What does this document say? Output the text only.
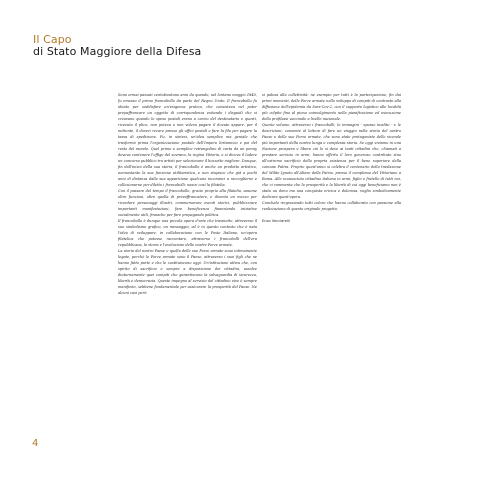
Il Capo
di Stato Maggiore della Difesa

Sono ormai passati centottantuno anni da quando, nel lontano maggio 1840, fu emesso il primo francobollo da parte del Regno Unito. Il francobollo fu ideato per soddisfare un'esigenza pratica, che consisteva nel poter prepaffrancare un oggetto di corrispondenza evitando i disguidi che si creavano quando le spese postali erano a carico del destinatario e questi, ricevuto il plico, non poteva o non voleva pagare il dovuto appare, per il mittente, il doveri recare presso gli uffici postali e fare la fila per pagare la tassa di spedizione. Fu, in sintesi, un'idea semplice ma geniale che trasformò prima l'organizzazione postale dell'Impero britannico e poi del resto del mondo. Quel primo e semplice rettangolino di carta da un penny doveva contenere l'effige del sovrano, la regina Vittoria, e si diceva il ludere un concorso pubblico tra artisti per selezionare il bozzetto migliore. Dunque, fin dall'inizio della sua storia, il francobollo è anche un prodotto artistico, nonnostante la sua funzione utilitaristica, e non stupisce che già a pochi anni di distanza dalla sua apparizione qualcuno incominci a raccoglierne e collezionarne per diletto i francobolli: nasce così la filatelia.

Con il passare del tempo il francobollo, grazie proprio alla filatelia, assume oltre funzioni, oltre quella di prevaffrancatore, e diventa un mezzo per ricordare personaggi illustri, commemorare eventi storici, pubblicizzare importanti manifestazioni, fare beneficenza finanziando iniziative socialmente utili, finanche per fare propaganda politica.

Il francobollo è dunque una piccola opera d'arte che trasmette, attraverso il suo simbolismo grafico, un messaggio, ed è in questo contesto che è nata l'idea di sviluppare, in collaborazione con le Poste Italiane, un'opera filatelica che potesse raccontare, attraverso i francobolli dell'era repubblicana, la storia e l'evoluzione delle nostre Forze armate.

La storia del nostro Paese e quella delle sue Forze armate sono intimamente legate, perché le Forze armate sono il Paese, attraverso i suoi figli che ne hanno fatto parte e che le costituiscono oggi. Un'istituzione attiva che, con spirito di sacrificio e sempre a disposizione dei cittadini, assolve diuturnamente quei compiti che garantiscono la salvaguardia di sicurezza, libertà e democrazia. Queste impegno al servizio del cittadino vive è sempre manifesto, sebbene fondamentale per assicurare la prosperità del Paese. Ne alcuni casi però

si palesa alla collettività: ne esempio per tutti è la partecipazione, fin dai primi momenti, delle Forze armate nello sviluppo di compiti di contrasto alla diffusione dell'epidemia da Sars-Cov-2, con il supporto logistico alle località più colpite fino al pieno coinvolgimento nella pianificazione ed esecuzione della profilassi vaccinale a livello nazionale.

Queste volume, attraverso i francobolli, le immagini - spesso inedite - e le descrizioni, consente al lettore di fare un viaggio nella storia del nostro Paese e delle sue Forze armate, che sono state protagoniste delle vicende più importanti della nostra lunga e complessa storia. Se oggi viviamo in una Nazione prospera e libera ciò lo si deve ai tanti cittadini che, chiamati a prestare servizio in armi, hanno offerto il loro generoso contributo sino all'estremo sacrificio della propria esistenza per il bene superiore della comune Patria. Proprio quest'anno si celebra il centenario della traslazione del Milite Ignoto all'Altare della Patria, presso il complesso del Vittoriano a Roma. Alle sconosciuto cittadino italiano in armi, figlio e fratello di tutti noi, che ci rammenta che la prosperità e la libertà di cui oggi beneficiamo non è stata un dono ma una conquista ericica e dolorosa, voglio simbolicamente dedicare quest'opera.

Concludo ringraziando tutti coloro che hanno collaborato con passione alla realizzazione di questo originale progetto.

Enzo Vecciarelli

4
